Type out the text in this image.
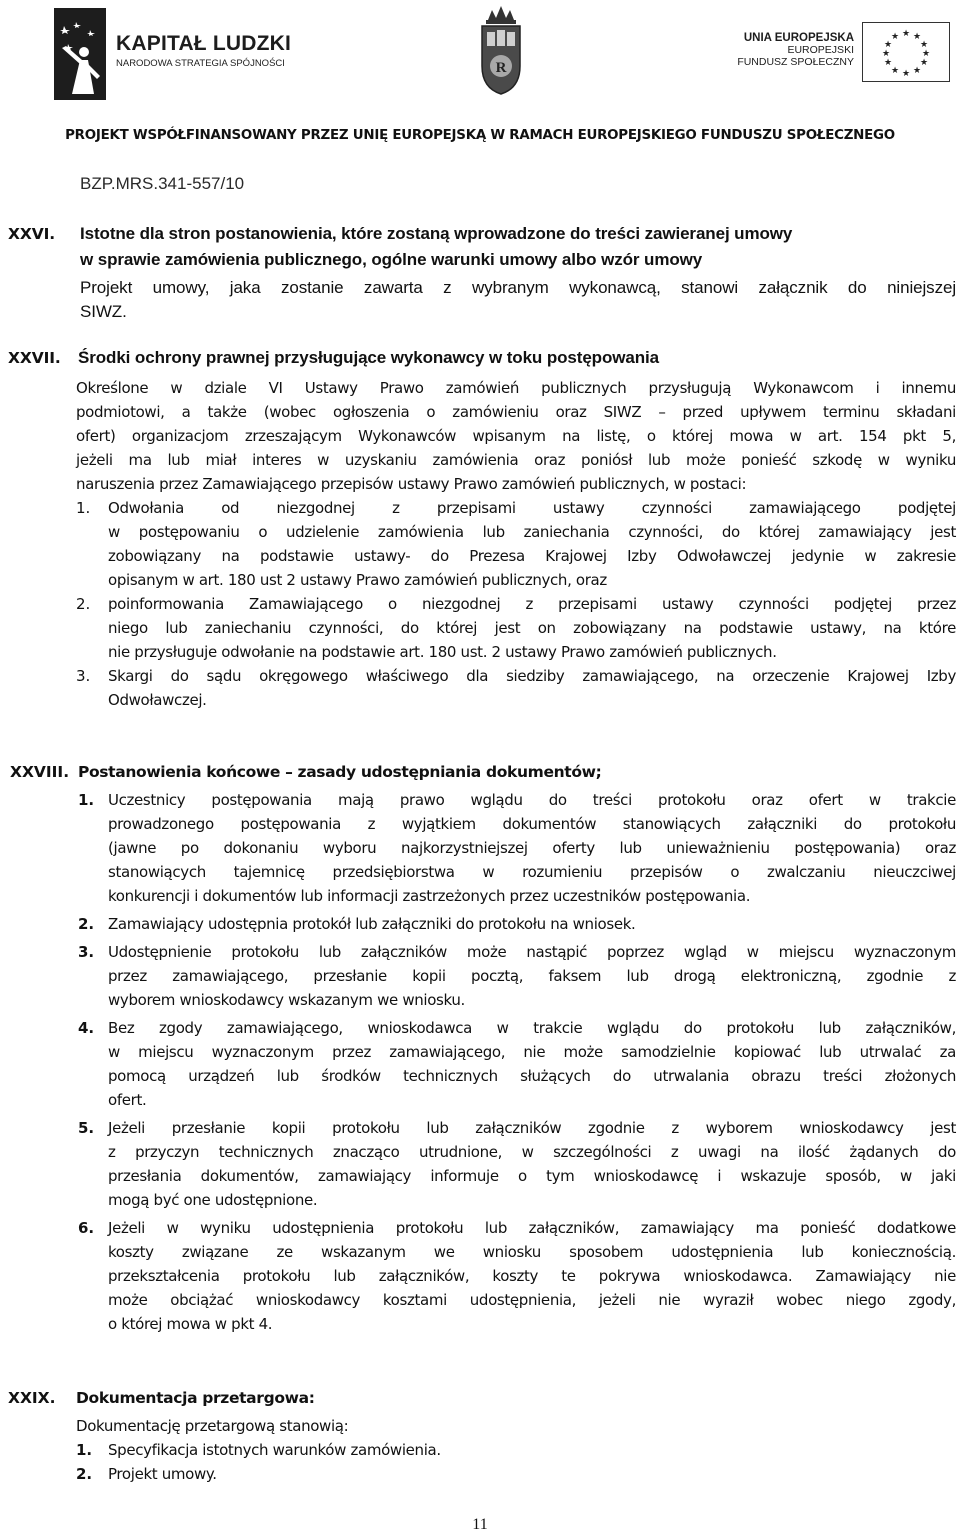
KAPITAŁ LUDZKI
NARODOWA STRATEGIA SPÓJNOŚCI	R
UNIA EUROPEJSKA
EUROPEJSKI
FUNDUSZ SPOŁECZNY
★ ★
★
★
★
★
★
★
★
★
★
★
PROJEKT WSPÓŁFINANSOWANY PRZEZ UNIĘ EUROPEJSKĄ W RAMACH EUROPEJSKIEGO FUNDUSZU SPOŁECZNEGO
BZP.MRS.341-557/10
XXVI. Istotne dla stron postanowienia, które zostaną wprowadzone do treści zawieranej umowy
w sprawie zamówienia publicznego, ogólne warunki umowy albo wzór umowy
Projekt umowy, jaka zostanie zawarta z wybranym wykonawcą, stanowi załącznik do niniejszej
SIWZ.
XXVII. Środki ochrony prawnej przysługujące wykonawcy w toku postępowania
Określone w dziale VI Ustawy Prawo zamówień publicznych przysługują Wykonawcom i innemu
podmiotowi, a także (wobec ogłoszenia o zamówieniu oraz SIWZ – przed upływem terminu składani
ofert) organizacjom zrzeszającym Wykonawców wpisanym na listę, o której mowa w art. 154 pkt 5,
jeżeli ma lub miał interes w uzyskaniu zamówienia oraz poniósł lub może ponieść szkodę w wyniku
naruszenia przez Zamawiającego przepisów ustawy Prawo zamówień publicznych, w postaci:
1. Odwołania od niezgodnej z przepisami ustawy czynności zamawiającego podjętej
w postępowaniu o udzielenie zamówienia lub zaniechania czynności, do której zamawiający jest
zobowiązany na podstawie ustawy- do Prezesa Krajowej Izby Odwoławczej jedynie w zakresie
opisanym w art. 180 ust 2 ustawy Prawo zamówień publicznych, oraz
2. poinformowania Zamawiającego o niezgodnej z przepisami ustawy czynności podjętej przez
niego lub zaniechaniu czynności, do której jest on zobowiązany na podstawie ustawy, na które
nie przysługuje odwołanie na podstawie art. 180 ust. 2 ustawy Prawo zamówień publicznych.
3. Skargi do sądu okręgowego właściwego dla siedziby zamawiającego, na orzeczenie Krajowej Izby
Odwoławczej.
XXVIII. Postanowienia końcowe – zasady udostępniania dokumentów;
1. Uczestnicy postępowania mają prawo wglądu do treści protokołu oraz ofert w trakcie
prowadzonego postępowania z wyjątkiem dokumentów stanowiących załączniki do protokołu
(jawne po dokonaniu wyboru najkorzystniejszej oferty lub unieważnieniu postępowania) oraz
stanowiących tajemnicę przedsiębiorstwa w rozumieniu przepisów o zwalczaniu nieuczciwej
konkurencji i dokumentów lub informacji zastrzeżonych przez uczestników postępowania.
2. Zamawiający udostępnia protokół lub załączniki do protokołu na wniosek.
3. Udostępnienie protokołu lub załączników może nastąpić poprzez wgląd w miejscu wyznaczonym
przez zamawiającego, przesłanie kopii pocztą, faksem lub drogą elektroniczną, zgodnie z
wyborem wnioskodawcy wskazanym we wniosku.
4. Bez zgody zamawiającego, wnioskodawca w trakcie wglądu do protokołu lub załączników,
w miejscu wyznaczonym przez zamawiającego, nie może samodzielnie kopiować lub utrwalać za
pomocą urządzeń lub środków technicznych służących do utrwalania obrazu treści złożonych
ofert.
5. Jeżeli przesłanie kopii protokołu lub załączników zgodnie z wyborem wnioskodawcy jest
z przyczyn technicznych znacząco utrudnione, w szczególności z uwagi na ilość żądanych do
przesłania dokumentów, zamawiający informuje o tym wnioskodawcę i wskazuje sposób, w jaki
mogą być one udostępnione.
6. Jeżeli w wyniku udostępnienia protokołu lub załączników, zamawiający ma ponieść dodatkowe
koszty związane ze wskazanym we wniosku sposobem udostępnienia lub koniecznością.
przekształcenia protokołu lub załączników, koszty te pokrywa wnioskodawca. Zamawiający nie
może obciążać wnioskodawcy kosztami udostępnienia, jeżeli nie wyraził wobec niego zgody,
o której mowa w pkt 4.
XXIX. Dokumentacja przetargowa:
Dokumentację przetargową stanowią:
1. Specyfikacja istotnych warunków zamówienia.
2. Projekt umowy.
11
